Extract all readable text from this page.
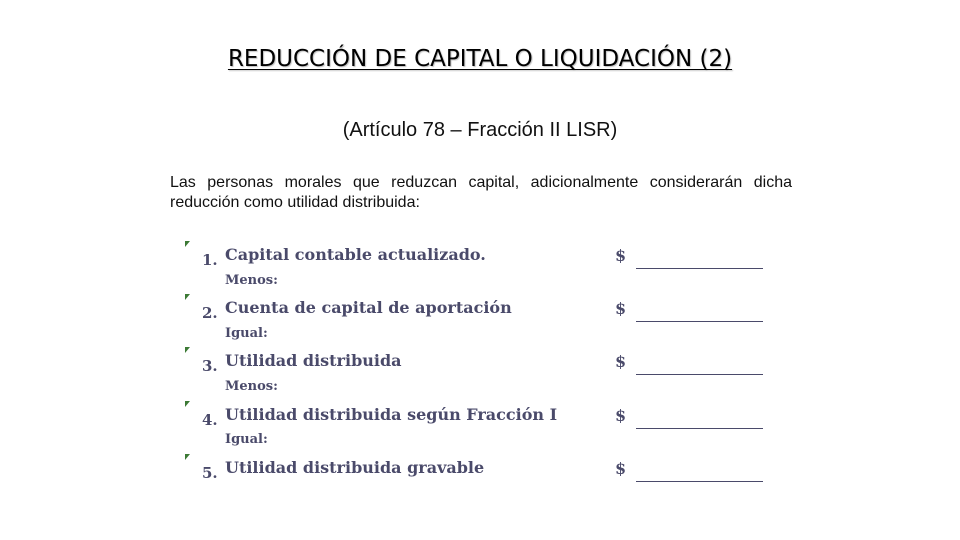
REDUCCIÓN DE CAPITAL O LIQUIDACIÓN (2)
(Artículo 78 – Fracción II LISR)
Las personas morales que reduzcan capital, adicionalmente considerarán dicha reducción como utilidad distribuida:
1. Capital contable actualizado.	$
Menos:
2. Cuenta de capital de aportación	$
Igual:
3. Utilidad distribuida	$
Menos:
4. Utilidad distribuida según Fracción I	$
Igual:
5. Utilidad distribuida gravable	$
